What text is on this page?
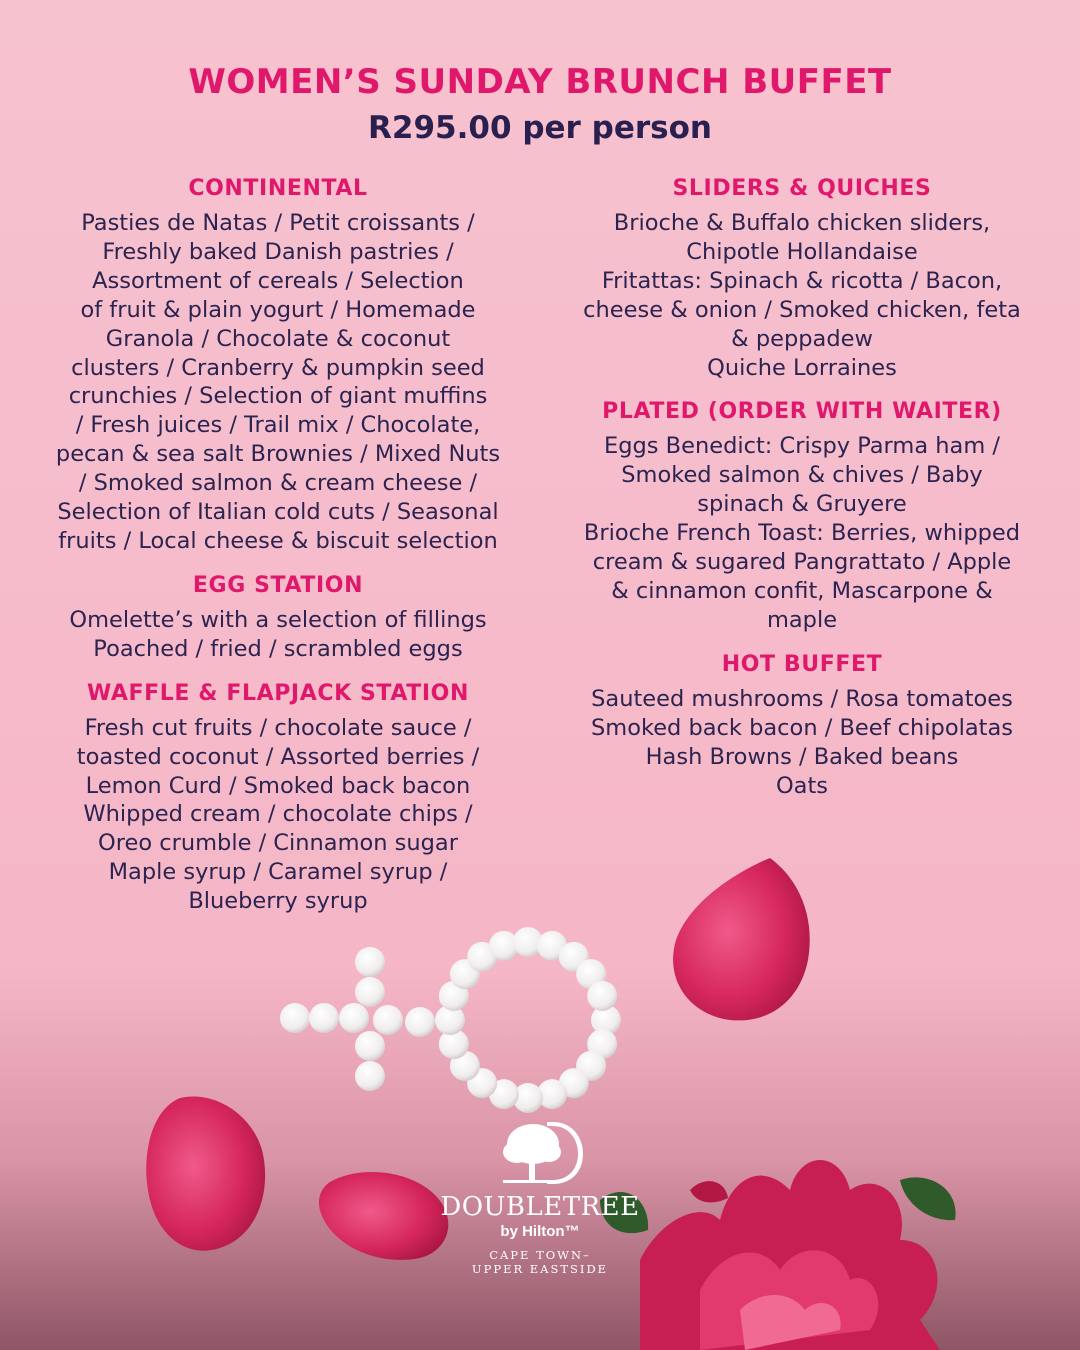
WOMEN’S SUNDAY BRUNCH BUFFET
R295.00 per person
CONTINENTAL
Pasties de Natas / Petit croissants /
Freshly baked Danish pastries /
Assortment of cereals / Selection
of fruit & plain yogurt / Homemade
Granola / Chocolate & coconut
clusters / Cranberry & pumpkin seed
crunchies / Selection of giant muffins
/ Fresh juices / Trail mix / Chocolate,
pecan & sea salt Brownies / Mixed Nuts
/ Smoked salmon & cream cheese /
Selection of Italian cold cuts / Seasonal
fruits / Local cheese & biscuit selection
EGG STATION
Omelette’s with a selection of fillings
Poached / fried / scrambled eggs
WAFFLE & FLAPJACK STATION
Fresh cut fruits / chocolate sauce /
toasted coconut / Assorted berries /
Lemon Curd / Smoked back bacon
Whipped cream / chocolate chips /
Oreo crumble / Cinnamon sugar
Maple syrup / Caramel syrup /
Blueberry syrup
SLIDERS & QUICHES
Brioche & Buffalo chicken sliders,
Chipotle Hollandaise
Fritattas: Spinach & ricotta / Bacon,
cheese & onion / Smoked chicken, feta
& peppadew
Quiche Lorraines
PLATED (ORDER WITH WAITER)
Eggs Benedict: Crispy Parma ham /
Smoked salmon & chives / Baby
spinach & Gruyere
Brioche French Toast: Berries, whipped
cream & sugared Pangrattato / Apple
& cinnamon confit, Mascarpone &
maple
HOT BUFFET
Sauteed mushrooms / Rosa tomatoes
Smoked back bacon / Beef chipolatas
Hash Browns / Baked beans
Oats
DOUBLETREE
by Hilton™
CAPE TOWN–
UPPER EASTSIDE
